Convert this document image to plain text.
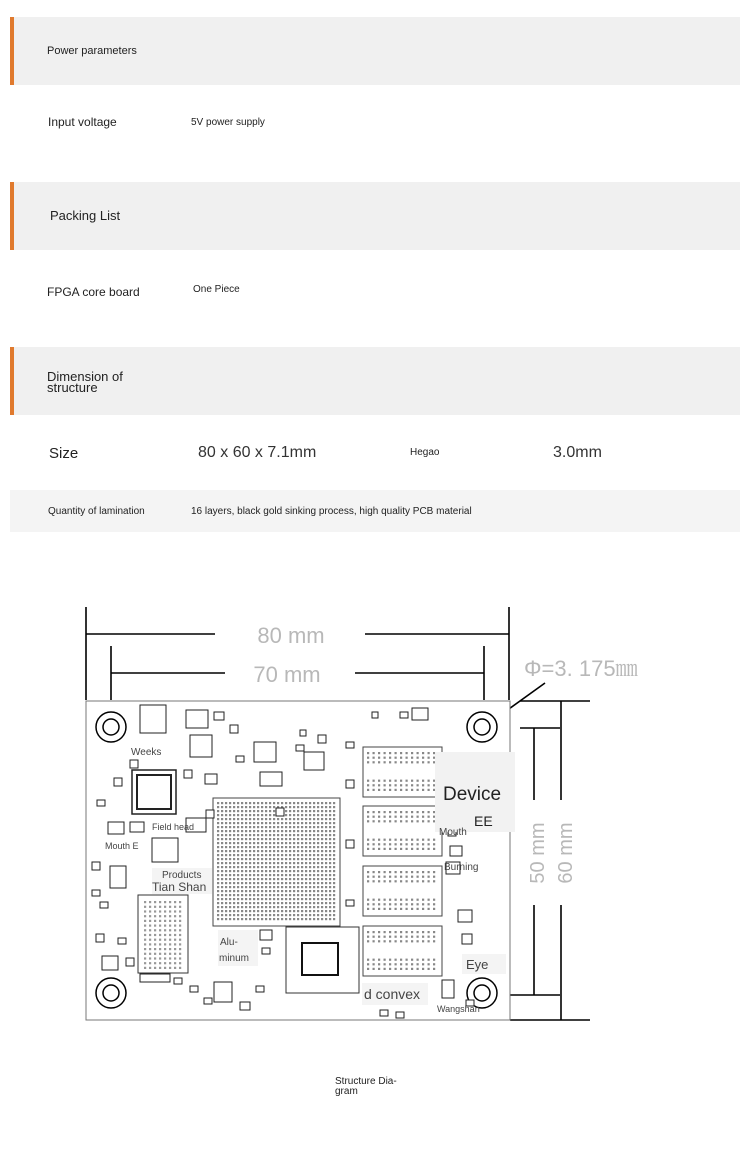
Power parameters
Input voltage	5V power supply
Packing List
FPGA core board	One Piece
Dimension of
structure
Size	80 x 60 x 7.1mm	Hegao	3.0mm
Quantity of lamination	16 layers, black gold sinking process, high quality PCB material
80 mm
70 mm	Φ=3. 175㎜
50 mm 60 mm
Weeks
Field head
Mouth E
Products
Tian Shan
Alu-
minum
Device
EE
Mouth
Burning
Eye
d convex
Wangshan
Structure Dia-
gram
